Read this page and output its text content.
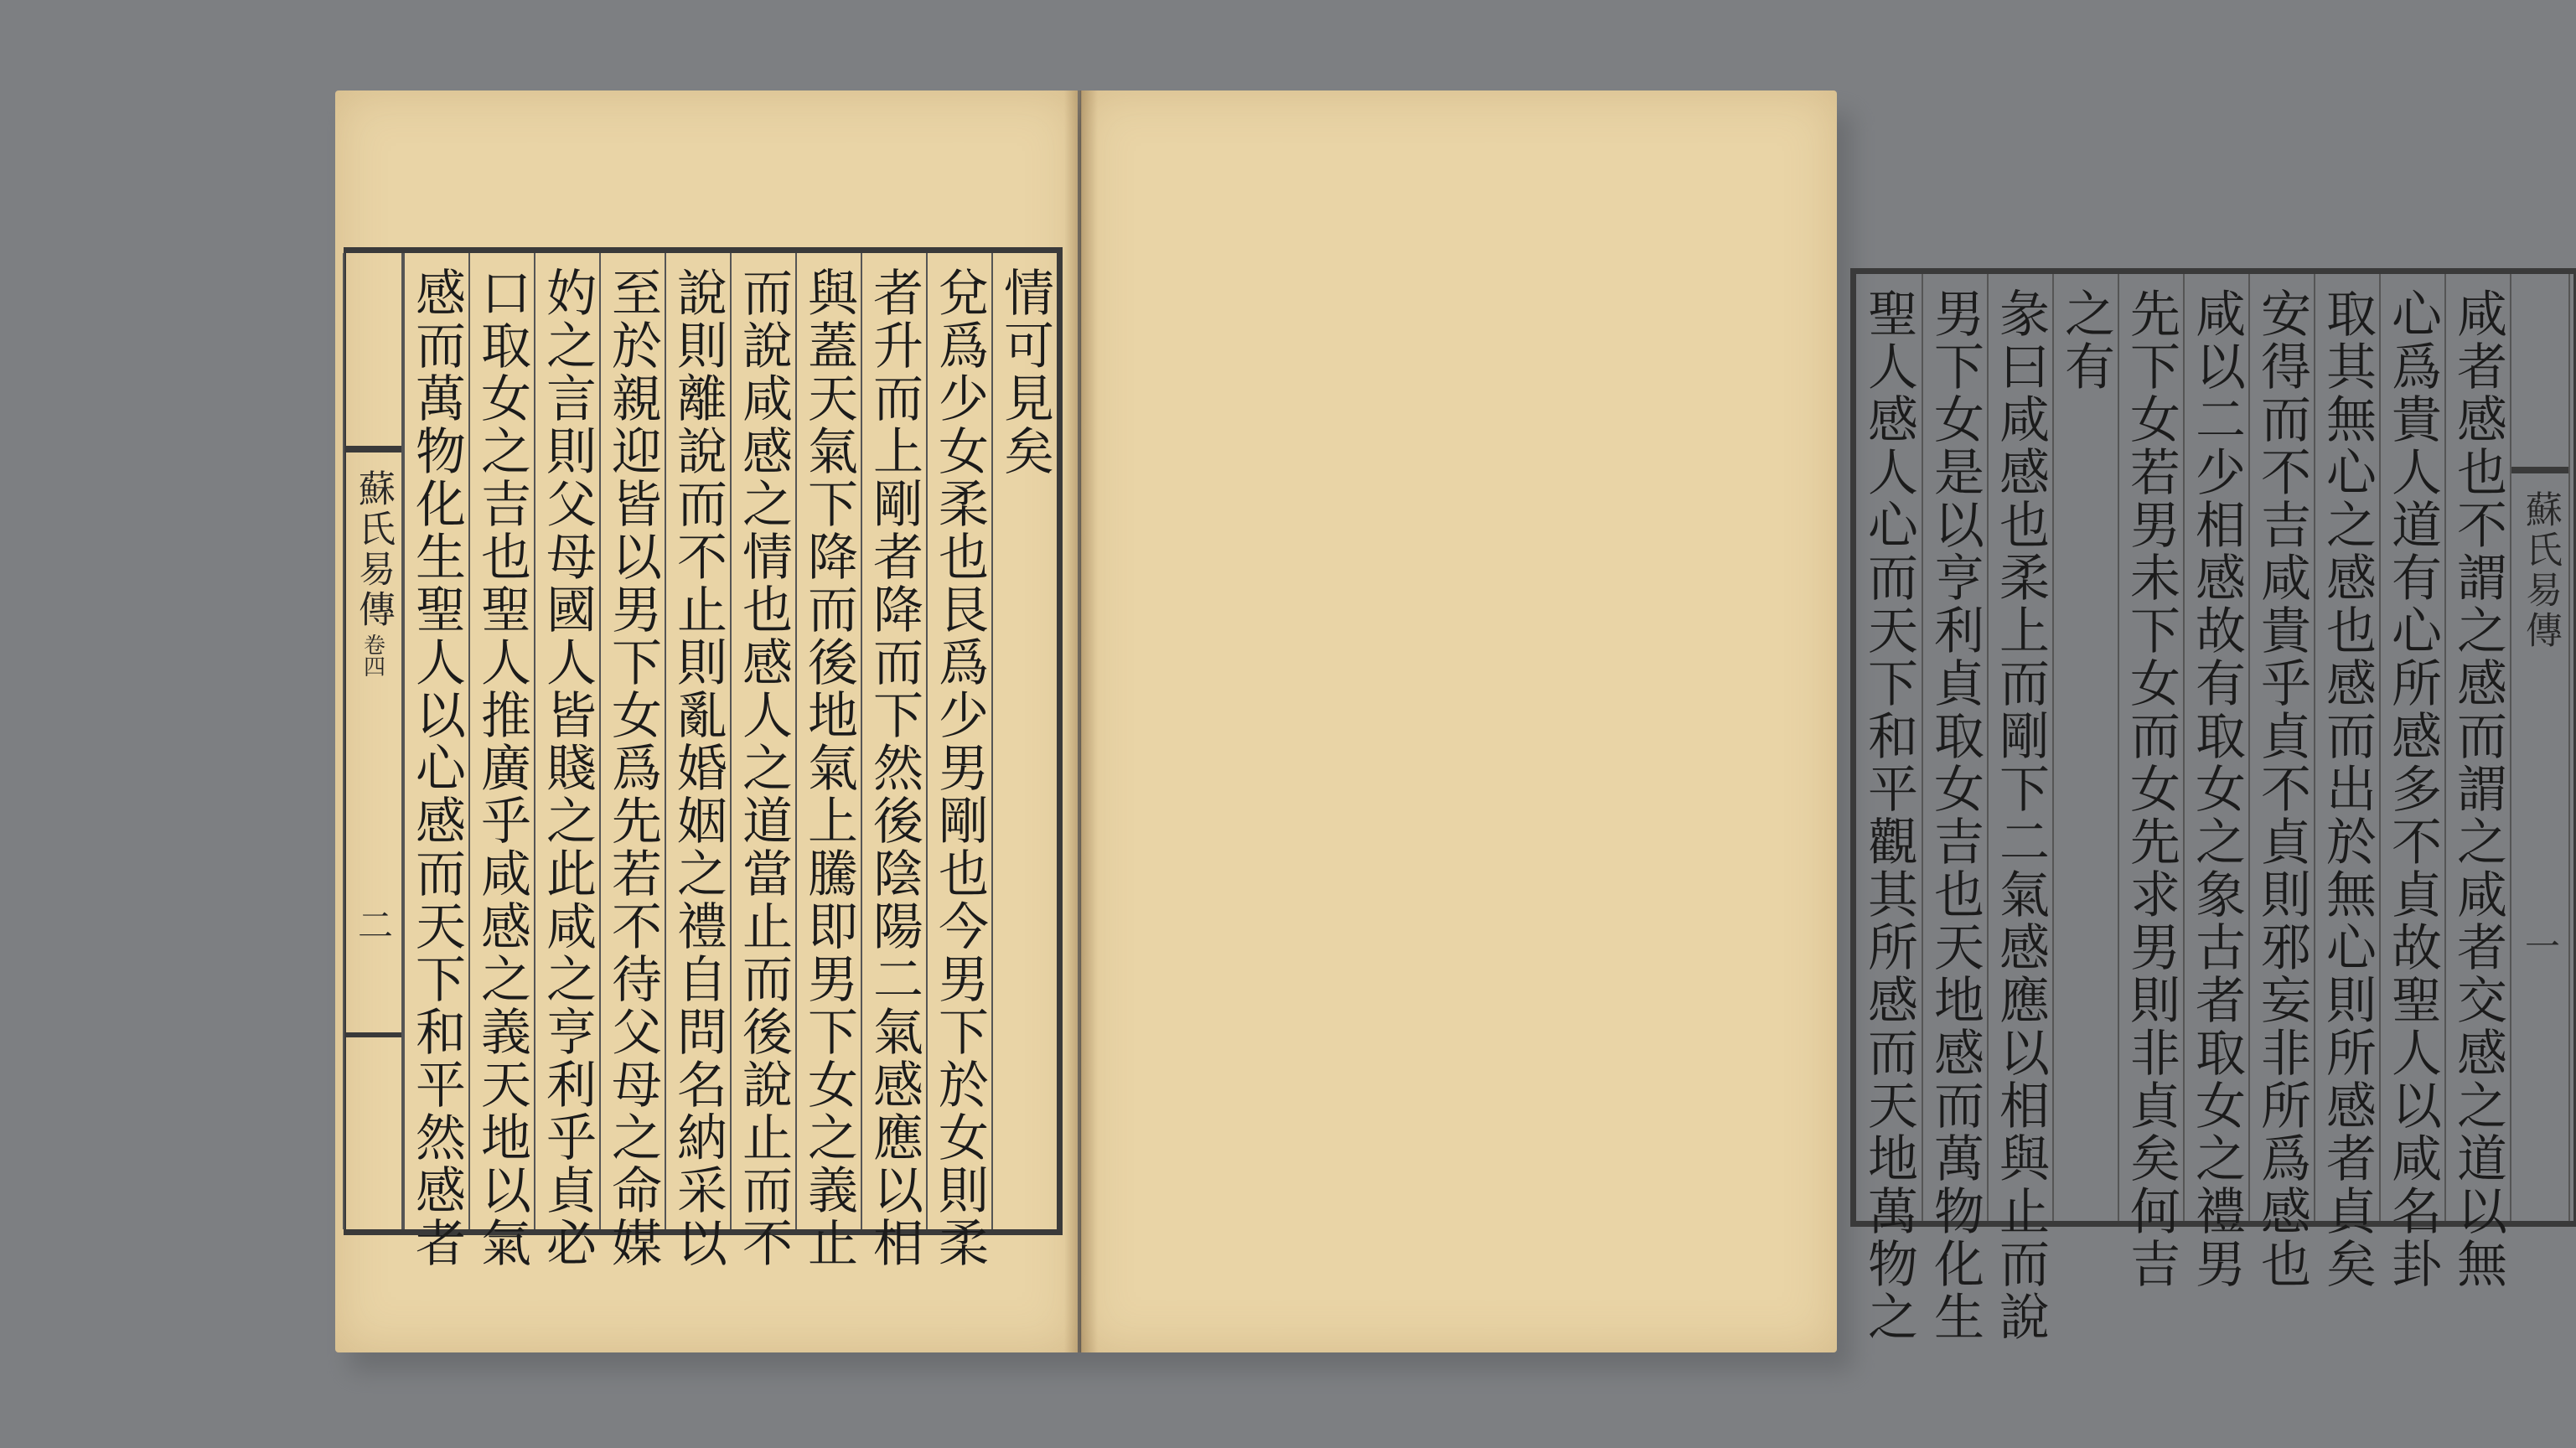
情可見矣
兌爲少女柔也艮爲少男剛也今男下於女則柔
者升而上剛者降而下然後陰陽二氣感應以相
與蓋天氣下降而後地氣上騰即男下女之義止
而說咸感之情也感人之道當止而後說止而不
說則離說而不止則亂婚姻之禮自問名納采以
至於親迎皆以男下女爲先若不待父母之命媒
妁之言則父母國人皆賤之此咸之亨利乎貞必
口取女之吉也聖人推廣乎咸感之義天地以氣
感而萬物化生聖人以心感而天下和平然感者
蘇氏易傳
卷四
二
蘇氏易傳
一
咸者感也不謂之感而謂之咸者交感之道以無
心爲貴人道有心所感多不貞故聖人以咸名卦
取其無心之感也感而出於無心則所感者貞矣
安得而不吉咸貴乎貞不貞則邪妄非所爲感也
咸以二少相感故有取女之象古者取女之禮男
先下女若男未下女而女先求男則非貞矣何吉
之有
彖曰咸感也柔上而剛下二氣感應以相與止而說
男下女是以亨利貞取女吉也天地感而萬物化生
聖人感人心而天下和平觀其所感而天地萬物之
